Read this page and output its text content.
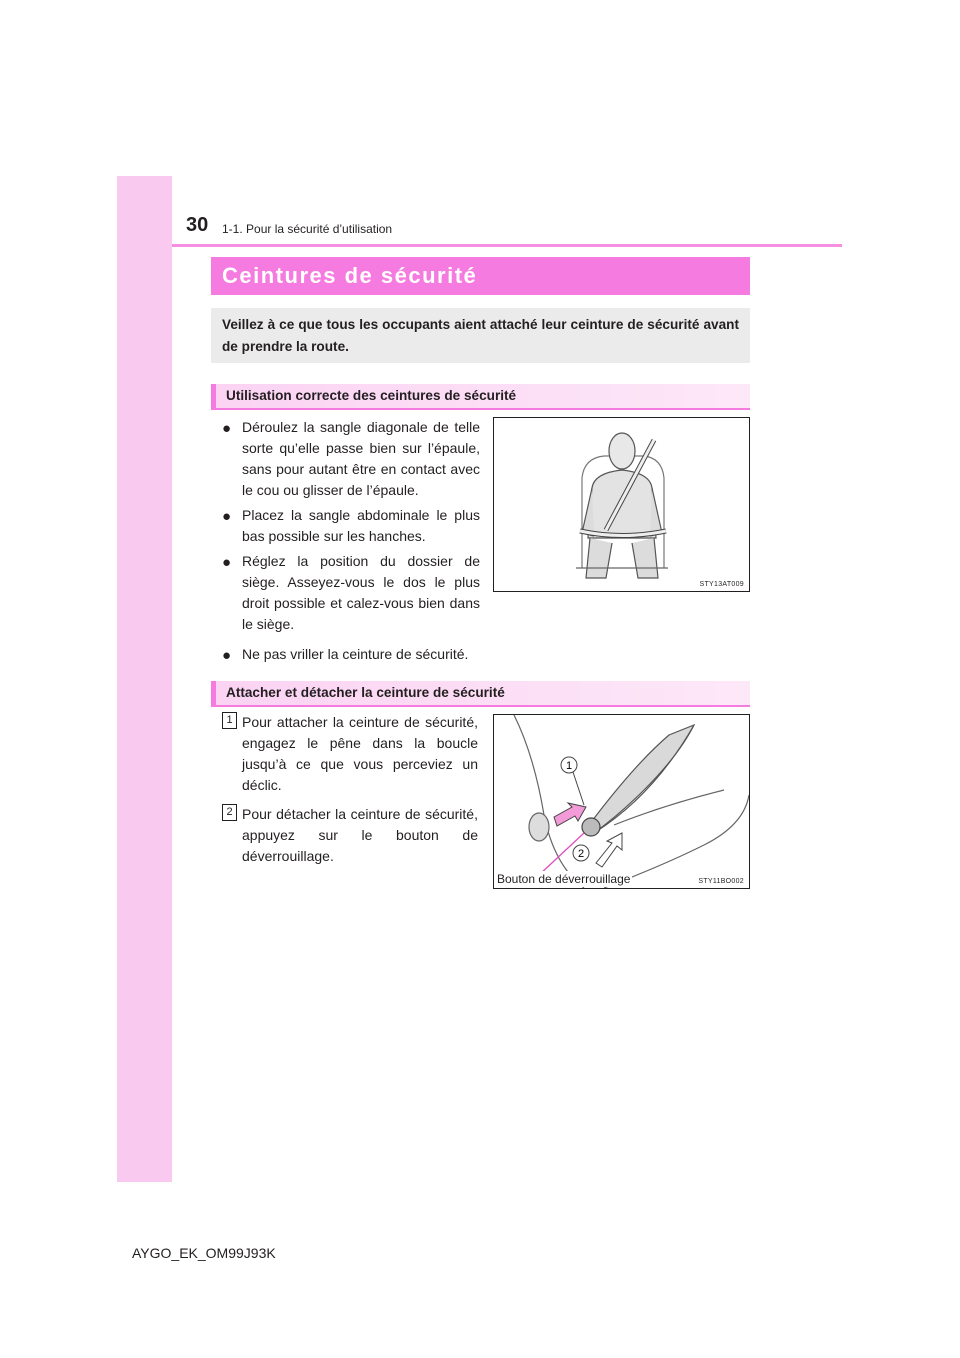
30 1-1. Pour la sécurité d’utilisation
Ceintures de sécurité
Veillez à ce que tous les occupants aient attaché leur ceinture de sécurité avant de prendre la route.
Utilisation correcte des ceintures de sécurité
● Déroulez la sangle diagonale de telle sorte qu’elle passe bien sur l’épaule, sans pour autant être en contact avec le cou ou glisser de l’épaule.
● Placez la sangle abdominale le plus bas possible sur les hanches.
● Réglez la position du dossier de siège. Asseyez-vous le dos le plus droit possible et calez-vous bien dans le siège.
● Ne pas vriller la ceinture de sécurité.
STY13AT009
Attacher et détacher la ceinture de sécurité
1 Pour attacher la ceinture de sécurité, engagez le pêne dans la boucle jusqu’à ce que vous perceviez un déclic.
2 Pour détacher la ceinture de sécurité, appuyez sur le bouton de déverrouillage.
1
2
Bouton de déverrouillage	STY11BO002
AYGO_EK_OM99J93K
